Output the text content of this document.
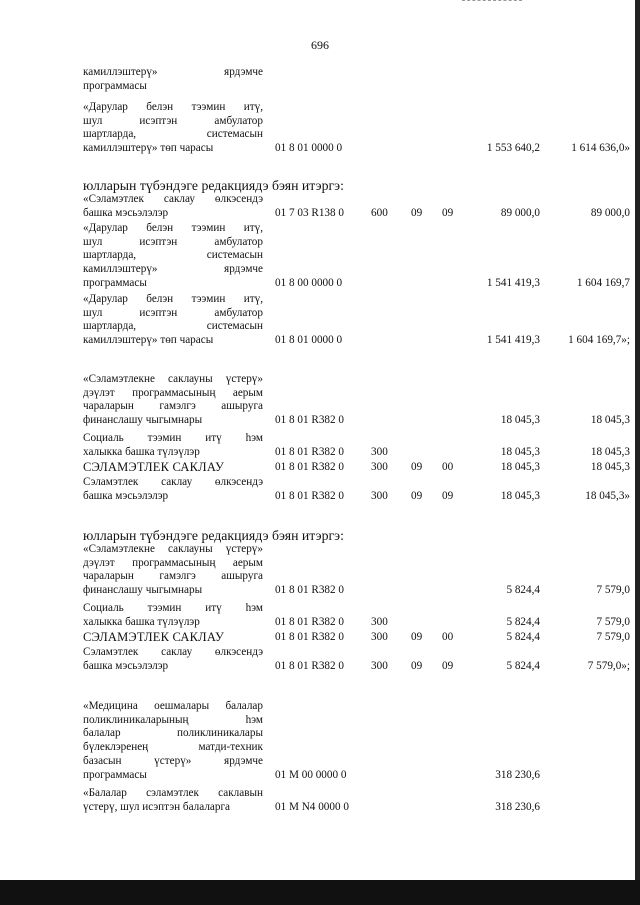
696
камиллэштерү» ярдэмче
программасы
«Дарулар белэн тээмин итү,
шул исэптэн амбулатор
шартларда, системасын
камиллэштерү» төп чарасы	01 8 01 0000 0	1 553 640,2	1 614 636,0»
юлларын түбэндэге редакциядэ бэян итэргэ:
«Сэламэтлек саклау өлкэсендэ
башка мэсьэлэлэр	01 7 03 R138 0 600 09 09	89 000,0	89 000,0
«Дарулар белэн тээмин итү,
шул исэптэн амбулатор
шартларда, системасын
камиллэштерү» ярдэмче
программасы	01 8 00 0000 0	1 541 419,3	1 604 169,7
«Дарулар белэн тээмин итү,
шул исэптэн амбулатор
шартларда, системасын
камиллэштерү» төп чарасы	01 8 01 0000 0	1 541 419,3	1 604 169,7»;
«Сэламэтлекне саклауны үстерү»
дэүлэт программасының аерым
чараларын гамэлгэ ашыруга
финанслашу чыгымнары	01 8 01 R382 0	18 045,3	18 045,3
Социаль тээмин итү hэм
халыкка башка түлэүлэр	01 8 01 R382 0 300	18 045,3	18 045,3
СЭЛАМЭТЛЕК САКЛАУ	01 8 01 R382 0 300 09 00	18 045,3	18 045,3
Сэламэтлек саклау өлкэсендэ
башка мэсьэлэлэр	01 8 01 R382 0 300 09 09	18 045,3	18 045,3»
юлларын түбэндэге редакциядэ бэян итэргэ:
«Сэламэтлекне саклауны үстерү»
дэүлэт программасының аерым
чараларын гамэлгэ ашыруга
финанслашу чыгымнары	01 8 01 R382 0	5 824,4	7 579,0
Социаль тээмин итү hэм
халыкка башка түлэүлэр	01 8 01 R382 0 300	5 824,4	7 579,0
СЭЛАМЭТЛЕК САКЛАУ	01 8 01 R382 0 300 09 00	5 824,4	7 579,0
Сэламэтлек саклау өлкэсендэ
башка мэсьэлэлэр	01 8 01 R382 0 300 09 09	5 824,4	7 579,0»;
«Медицина оешмалары балалар
поликлиникаларының hэм
балалар поликлиникалары
бүлеклэренең матди-техник
базасын үстерү» ярдэмче
программасы	01 М 00 0000 0	318 230,6
«Балалар сэламэтлек саклавын
үстерү, шул исэптэн балаларга	01 М N4 0000 0	318 230,6
